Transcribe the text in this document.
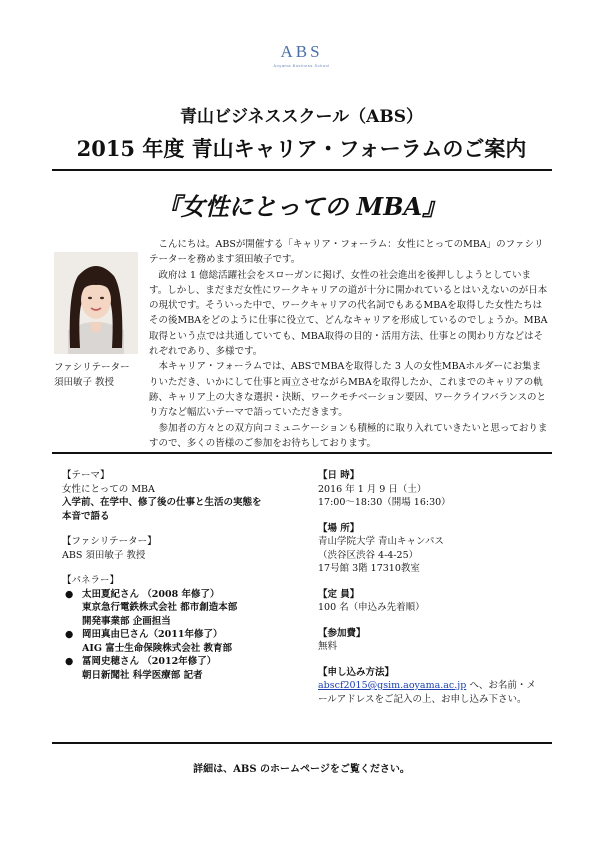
ABS
Aoyama Business School
青山ビジネススクール（ABS）
2015 年度 青山キャリア・フォーラムのご案内
『女性にとっての MBA』
ファシリテーター
須田敏子 教授

こんにちは。ABSが開催する「キャリア・フォーラム：女性にとってのMBA」のファシリテーターを務めます須田敏子です。

政府は 1 億総活躍社会をスローガンに掲げ、女性の社会進出を後押ししようとしています。しかし、まだまだ女性にワークキャリアの道が十分に開かれているとはいえないのが日本の現状です。そういった中で、ワークキャリアの代名詞でもあるMBAを取得した女性たちはその後MBAをどのように仕事に役立て、どんなキャリアを形成しているのでしょうか。MBA取得という点では共通していても、MBA取得の目的・活用方法、仕事との関わり方などはそれぞれであり、多様です。

本キャリア・フォーラムでは、ABSでMBAを取得した 3 人の女性MBAホルダーにお集まりいただき、いかにして仕事と両立させながらMBAを取得したか、これまでのキャリアの軌跡、キャリア上の大きな選択・決断、ワークモチベーション要因、ワークライフバランスのとり方など幅広いテーマで語っていただきます。

参加者の方々との双方向コミュニケーションも積極的に取り入れていきたいと思っておりますので、多くの皆様のご参加をお待ちしております。

【テーマ】
女性にとっての MBA
入学前、在学中、修了後の仕事と生活の実態を
本音で語る
【ファシリテーター】
ABS 須田敏子 教授
【パネラー】
● 太田夏紀さん （2008 年修了）
東京急行電鉄株式会社 都市創造本部
開発事業部 企画担当
● 岡田真由巳さん（2011年修了）
AIG 富士生命保険株式会社 教育部
● 冨岡史穂さん （2012年修了）
朝日新聞社 科学医療部 記者
【日 時】
2016 年 1 月 9 日（土）
17:00～18:30（開場 16:30）
【場 所】
青山学院大学 青山キャンパス
（渋谷区渋谷 4-4-25）
17号館 3階 17310教室
【定 員】
100 名（申込み先着順）
【参加費】
無料
【申し込み方法】
abscf2015@gsim.aoyama.ac.jp へ、お名前・メ
ールアドレスをご記入の上、お申し込み下さい。
詳細は、ABS のホームページをご覧ください。
